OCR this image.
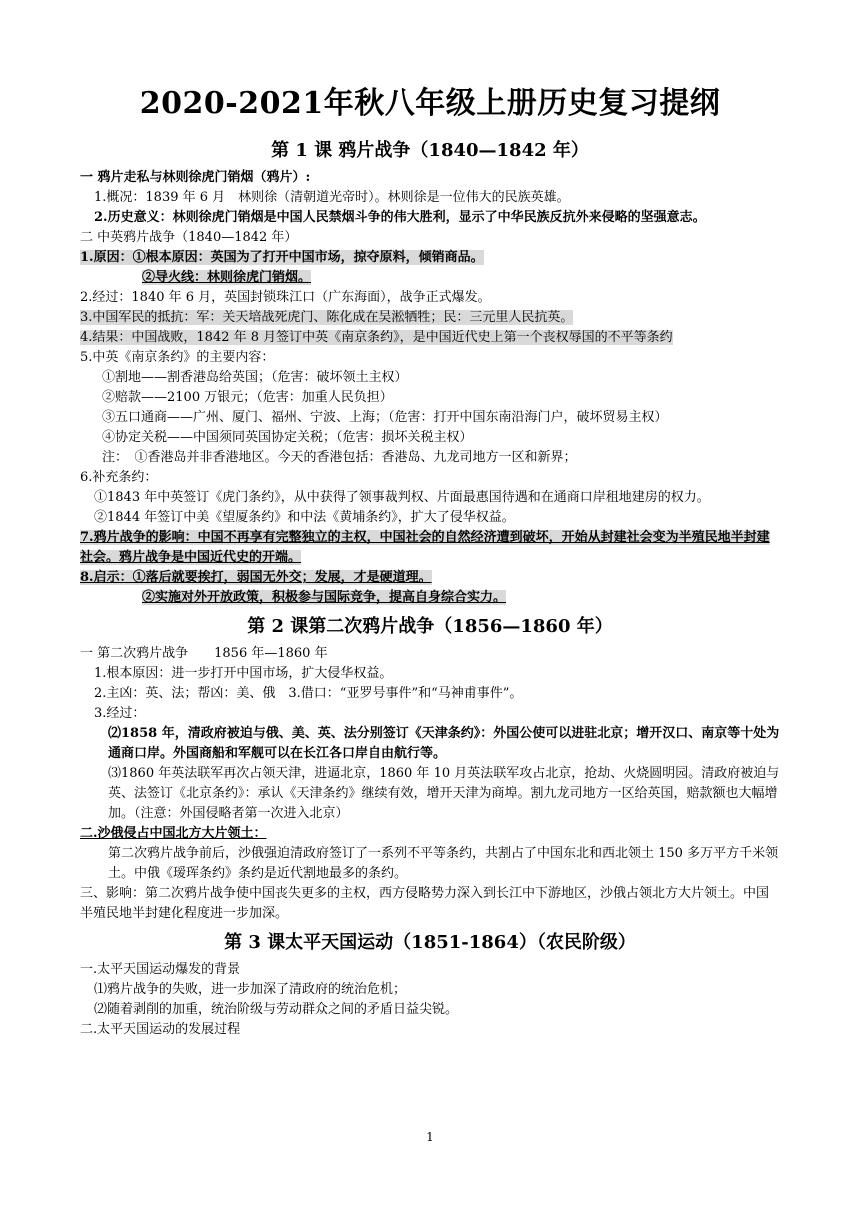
2020-2021年秋八年级上册历史复习提纲
第 1 课 鸦片战争（1840—1842 年）

一 鸦片走私与林则徐虎门销烟（鸦片）:

1.概况：1839 年 6 月　林则徐（清朝道光帝时）。林则徐是一位伟大的民族英雄。

2.历史意义：林则徐虎门销烟是中国人民禁烟斗争的伟大胜利，显示了中华民族反抗外来侵略的坚强意志。

二 中英鸦片战争（1840—1842 年）

1.原因：①根本原因：英国为了打开中国市场，掠夺原料，倾销商品。

②导火线：林则徐虎门销烟。

2.经过：1840 年 6 月，英国封锁珠江口（广东海面），战争正式爆发。

3.中国军民的抵抗：军：关天培战死虎门、陈化成在吴淞牺牲；民：三元里人民抗英。

4.结果：中国战败，1842 年 8 月签订中英《南京条约》，是中国近代史上第一个丧权辱国的不平等条约

5.中英《南京条约》的主要内容：

①割地——割香港岛给英国；（危害：破坏领土主权）

②赔款——2100 万银元；（危害：加重人民负担）

③五口通商——广州、厦门、福州、宁波、上海；（危害：打开中国东南沿海门户，破坏贸易主权）

④协定关税——中国须同英国协定关税；（危害：损坏关税主权）

注：　①香港岛并非香港地区。今天的香港包括：香港岛、九龙司地方一区和新界；

6.补充条约：

①1843 年中英签订《虎门条约》，从中获得了领事裁判权、片面最惠国待遇和在通商口岸租地建房的权力。

②1844 年签订中美《望厦条约》和中法《黄埔条约》，扩大了侵华权益。

7.鸦片战争的影响：中国不再享有完整独立的主权，中国社会的自然经济遭到破坏，开始从封建社会变为半殖民地半封建社会。鸦片战争是中国近代史的开端。

8.启示：①落后就要挨打，弱国无外交；发展，才是硬道理。

②实施对外开放政策，积极参与国际竞争，提高自身综合实力。

第 2 课第二次鸦片战争（1856—1860 年）

一 第二次鸦片战争　　1856 年—1860 年

1.根本原因：进一步打开中国市场，扩大侵华权益。

2.主凶：英、法；帮凶：美、俄　3.借口：“亚罗号事件”和“马神甫事件”。

3.经过：

⑵1858 年，清政府被迫与俄、美、英、法分别签订《天津条约》：外国公使可以进驻北京；增开汉口、南京等十处为通商口岸。外国商船和军舰可以在长江各口岸自由航行等。

⑶1860 年英法联军再次占领天津，进逼北京，1860 年 10 月英法联军攻占北京，抢劫、火烧圆明园。清政府被迫与英、法签订《北京条约》：承认《天津条约》继续有效，增开天津为商埠。割九龙司地方一区给英国，赔款额也大幅增加。（注意：外国侵略者第一次进入北京）

二.沙俄侵占中国北方大片领土：

第二次鸦片战争前后，沙俄强迫清政府签订了一系列不平等条约，共割占了中国东北和西北领土 150 多万平方千米领土。中俄《瑷珲条约》条约是近代割地最多的条约。

三、影响：第二次鸦片战争使中国丧失更多的主权，西方侵略势力深入到长江中下游地区，沙俄占领北方大片领土。中国半殖民地半封建化程度进一步加深。

第 3 课太平天国运动（1851-1864）（农民阶级）

一.太平天国运动爆发的背景

⑴鸦片战争的失败，进一步加深了清政府的统治危机；

⑵随着剥削的加重，统治阶级与劳动群众之间的矛盾日益尖锐。

二.太平天国运动的发展过程

1
